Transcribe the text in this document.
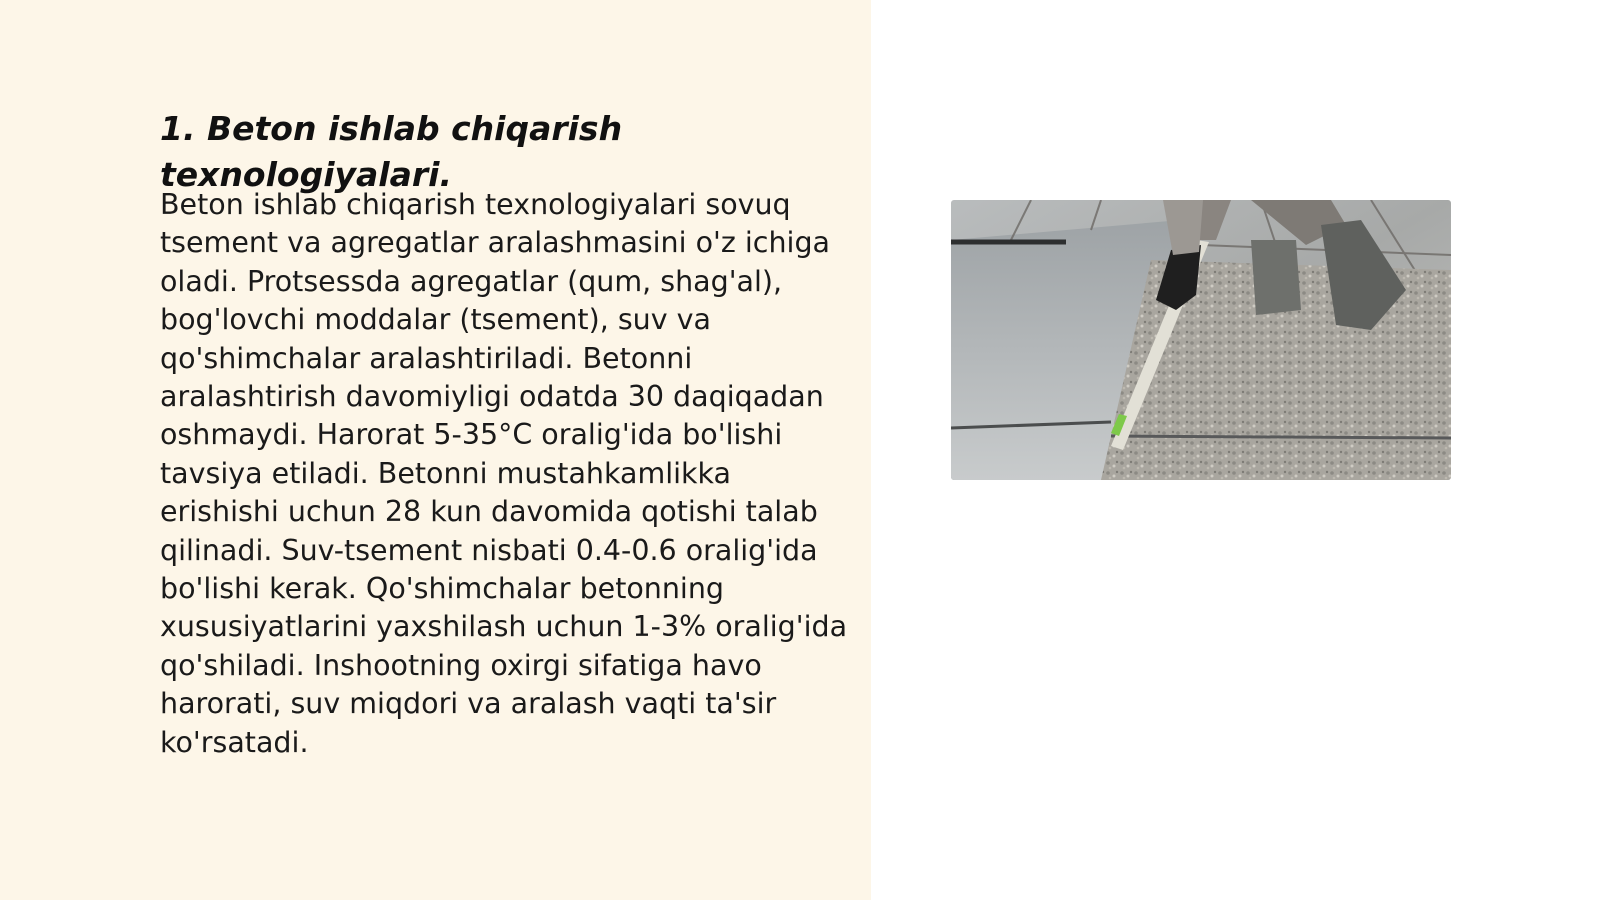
1. Beton ishlab chiqarish texnologiyalari.

Beton ishlab chiqarish texnologiyalari sovuq tsement va agregatlar aralashmasini o'z ichiga oladi. Protsessda agregatlar (qum, shag'al), bog'lovchi moddalar (tsement), suv va qo'shimchalar aralashtiriladi. Betonni aralashtirish davomiyligi odatda 30 daqiqadan oshmaydi. Harorat 5-35°C oralig'ida bo'lishi tavsiya etiladi. Betonni mustahkamlikka erishishi uchun 28 kun davomida qotishi talab qilinadi. Suv-tsement nisbati 0.4-0.6 oralig'ida bo'lishi kerak. Qo'shimchalar betonning xususiyatlarini yaxshilash uchun 1-3% oralig'ida qo'shiladi. Inshootning oxirgi sifatiga havo harorati, suv miqdori va aralash vaqti ta'sir ko'rsatadi.
